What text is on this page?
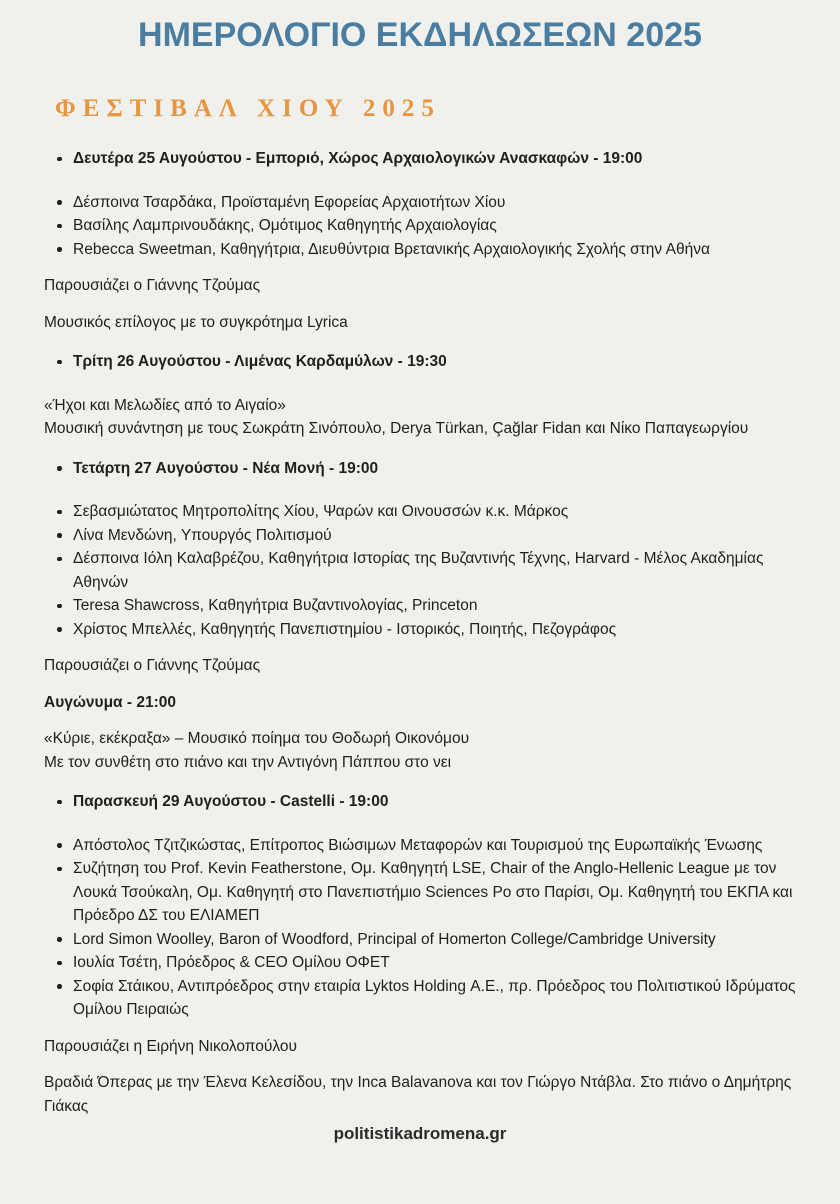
ΗΜΕΡΟΛΟΓΙΟ ΕΚΔΗΛΩΣΕΩΝ 2025
ΦΕΣΤΙΒΑΛ ΧΙΟΥ 2025
Δευτέρα 25 Αυγούστου - Εμποριό, Χώρος Αρχαιολογικών Ανασκαφών - 19:00
Δέσποινα Τσαρδάκα, Προϊσταμένη Εφορείας Αρχαιοτήτων Χίου
Βασίλης Λαμπρινουδάκης, Ομότιμος Καθηγητής Αρχαιολογίας
Rebecca Sweetman, Καθηγήτρια, Διευθύντρια Βρετανικής Αρχαιολογικής Σχολής στην Αθήνα
Παρουσιάζει ο Γιάννης Τζούμας
Μουσικός επίλογος με το συγκρότημα Lyrica
Τρίτη 26 Αυγούστου - Λιμένας Καρδαμύλων - 19:30
«Ήχοι και Μελωδίες από το Αιγαίο»
Μουσική συνάντηση με τους Σωκράτη Σινόπουλο, Derya Türkan, Çağlar Fidan και Νίκο Παπαγεωργίου
Τετάρτη 27 Αυγούστου - Νέα Μονή - 19:00
Σεβασμιώτατος Μητροπολίτης Χίου, Ψαρών και Οινουσσών κ.κ. Μάρκος
Λίνα Μενδώνη, Υπουργός Πολιτισμού
Δέσποινα Ιόλη Καλαβρέζου, Καθηγήτρια Ιστορίας της Βυζαντινής Τέχνης, Harvard - Μέλος Ακαδημίας Αθηνών
Teresa Shawcross, Καθηγήτρια Βυζαντινολογίας, Princeton
Χρίστος Μπελλές, Καθηγητής Πανεπιστημίου - Ιστορικός, Ποιητής, Πεζογράφος
Παρουσιάζει ο Γιάννης Τζούμας
Αυγώνυμα - 21:00
«Κύριε, εκέκραξα» – Μουσικό ποίημα του Θοδωρή Οικονόμου
Με τον συνθέτη στο πιάνο και την Αντιγόνη Πάππου στο νει
Παρασκευή 29 Αυγούστου - Castelli - 19:00
Απόστολος Τζιτζικώστας, Επίτροπος Βιώσιμων Μεταφορών και Τουρισμού της Ευρωπαϊκής Ένωσης
Συζήτηση του Prof. Kevin Featherstone, Ομ. Καθηγητή LSE, Chair of the Anglo-Hellenic League με τον Λουκά Τσούκαλη, Ομ. Καθηγητή στο Πανεπιστήμιο Sciences Po στο Παρίσι, Ομ. Καθηγητή του ΕΚΠΑ και Πρόεδρο ΔΣ του ΕΛΙΑΜΕΠ
Lord Simon Woolley, Baron of Woodford, Principal of Homerton College/Cambridge University
Ιουλία Τσέτη, Πρόεδρος & CEO Ομίλου ΟΦΕΤ
Σοφία Στάικου, Αντιπρόεδρος στην εταιρία Lyktos Holding Α.Ε., πρ. Πρόεδρος του Πολιτιστικού Ιδρύματος Ομίλου Πειραιώς
Παρουσιάζει η Ειρήνη Νικολοπούλου
Βραδιά Όπερας με την Έλενα Κελεσίδου, την Inca Balavanova και τον Γιώργο Ντάβλα. Στο πιάνο ο Δημήτρης Γιάκας
politistikadromena.gr
